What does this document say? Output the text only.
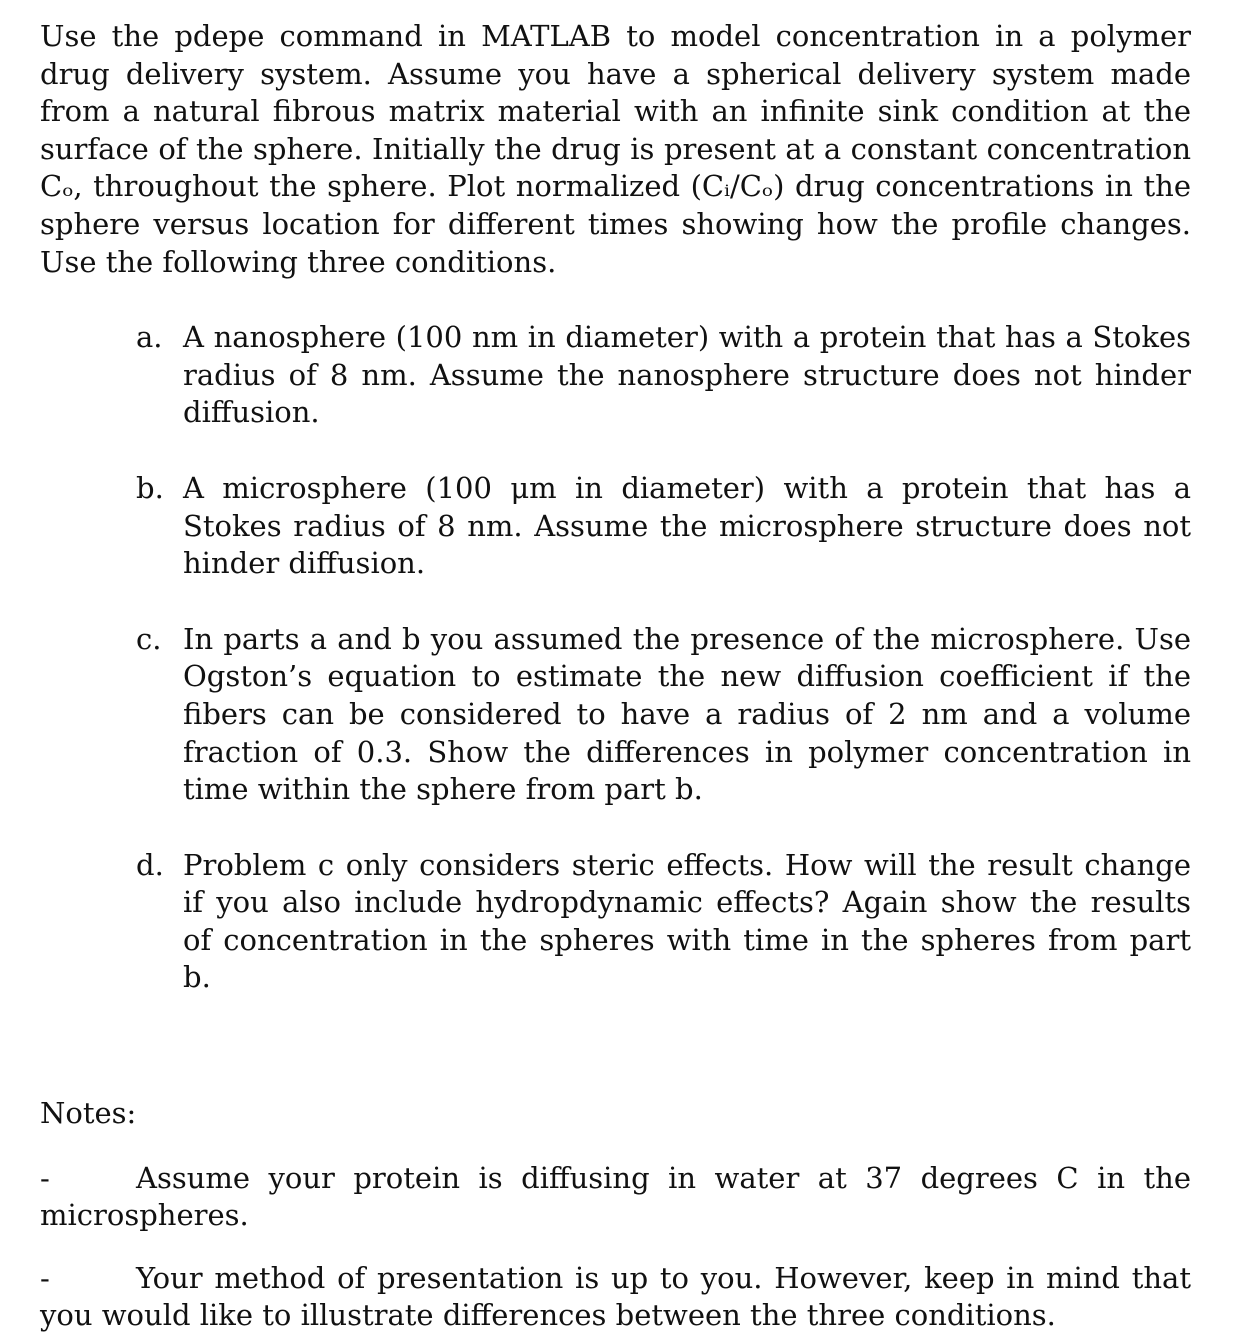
Use the pdepe command in MATLAB to model concentration in a polymer drug delivery system. Assume you have a spherical delivery system made from a natural fibrous matrix material with an infinite sink condition at the surface of the sphere. Initially the drug is present at a constant concentration Cₒ, throughout the sphere. Plot normalized (Cᵢ/Cₒ) drug concentrations in the sphere versus location for different times showing how the profile changes. Use the following three conditions.

a. A nanosphere (100 nm in diameter) with a protein that has a Stokes radius of 8 nm. Assume the nanosphere structure does not hinder diffusion.
b. A microsphere (100 μm in diameter) with a protein that has a Stokes radius of 8 nm. Assume the microsphere structure does not hinder diffusion.
c. In parts a and b you assumed the presence of the microsphere. Use Ogston’s equation to estimate the new diffusion coefficient if the fibers can be considered to have a radius of 2 nm and a volume fraction of 0.3. Show the differences in polymer concentration in time within the sphere from part b.
d. Problem c only considers steric effects. How will the result change if you also include hydropdynamic effects? Again show the results of concentration in the spheres with time in the spheres from part b.

Notes:

-	Assume your protein is diffusing in water at 37 degrees C in the microspheres.

-	Your method of presentation is up to you. However, keep in mind that you would like to illustrate differences between the three conditions.
